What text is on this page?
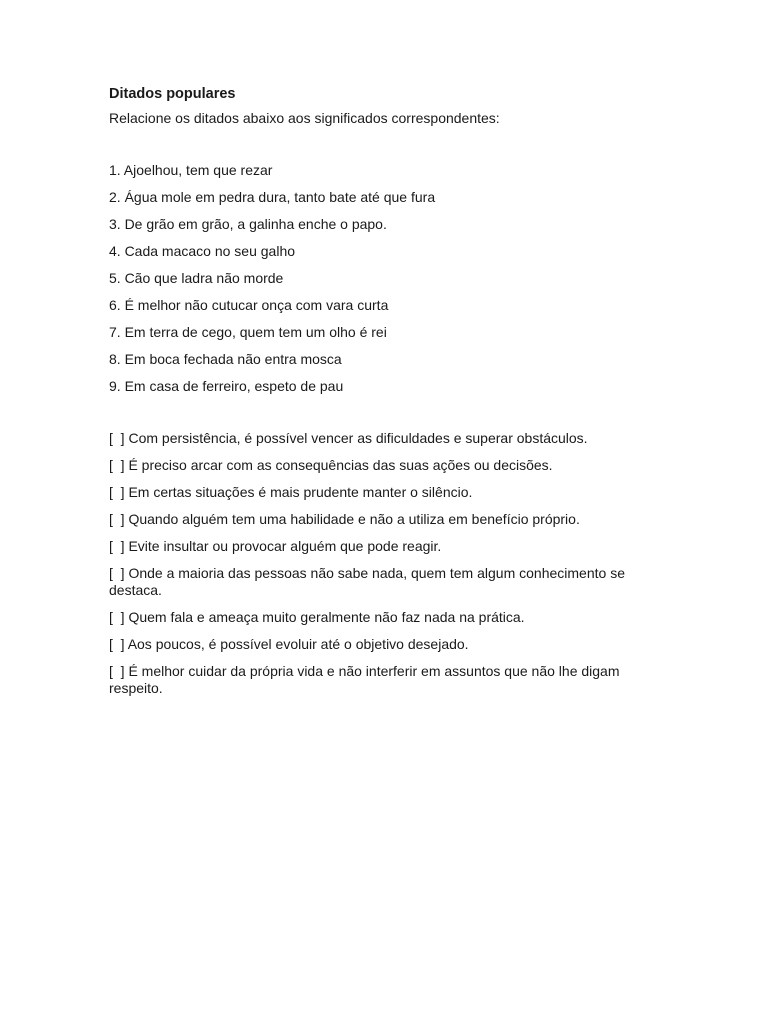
Ditados populares
Relacione os ditados abaixo aos significados correspondentes:
1. Ajoelhou, tem que rezar
2. Água mole em pedra dura, tanto bate até que fura
3. De grão em grão, a galinha enche o papo.
4. Cada macaco no seu galho
5. Cão que ladra não morde
6. É melhor não cutucar onça com vara curta
7. Em terra de cego, quem tem um olho é rei
8. Em boca fechada não entra mosca
9. Em casa de ferreiro, espeto de pau
[  ] Com persistência, é possível vencer as dificuldades e superar obstáculos.
[  ] É preciso arcar com as consequências das suas ações ou decisões.
[  ] Em certas situações é mais prudente manter o silêncio.
[  ] Quando alguém tem uma habilidade e não a utiliza em benefício próprio.
[  ] Evite insultar ou provocar alguém que pode reagir.
[  ] Onde a maioria das pessoas não sabe nada, quem tem algum conhecimento se destaca.
[  ] Quem fala e ameaça muito geralmente não faz nada na prática.
[  ] Aos poucos, é possível evoluir até o objetivo desejado.
[  ] É melhor cuidar da própria vida e não interferir em assuntos que não lhe digam respeito.
